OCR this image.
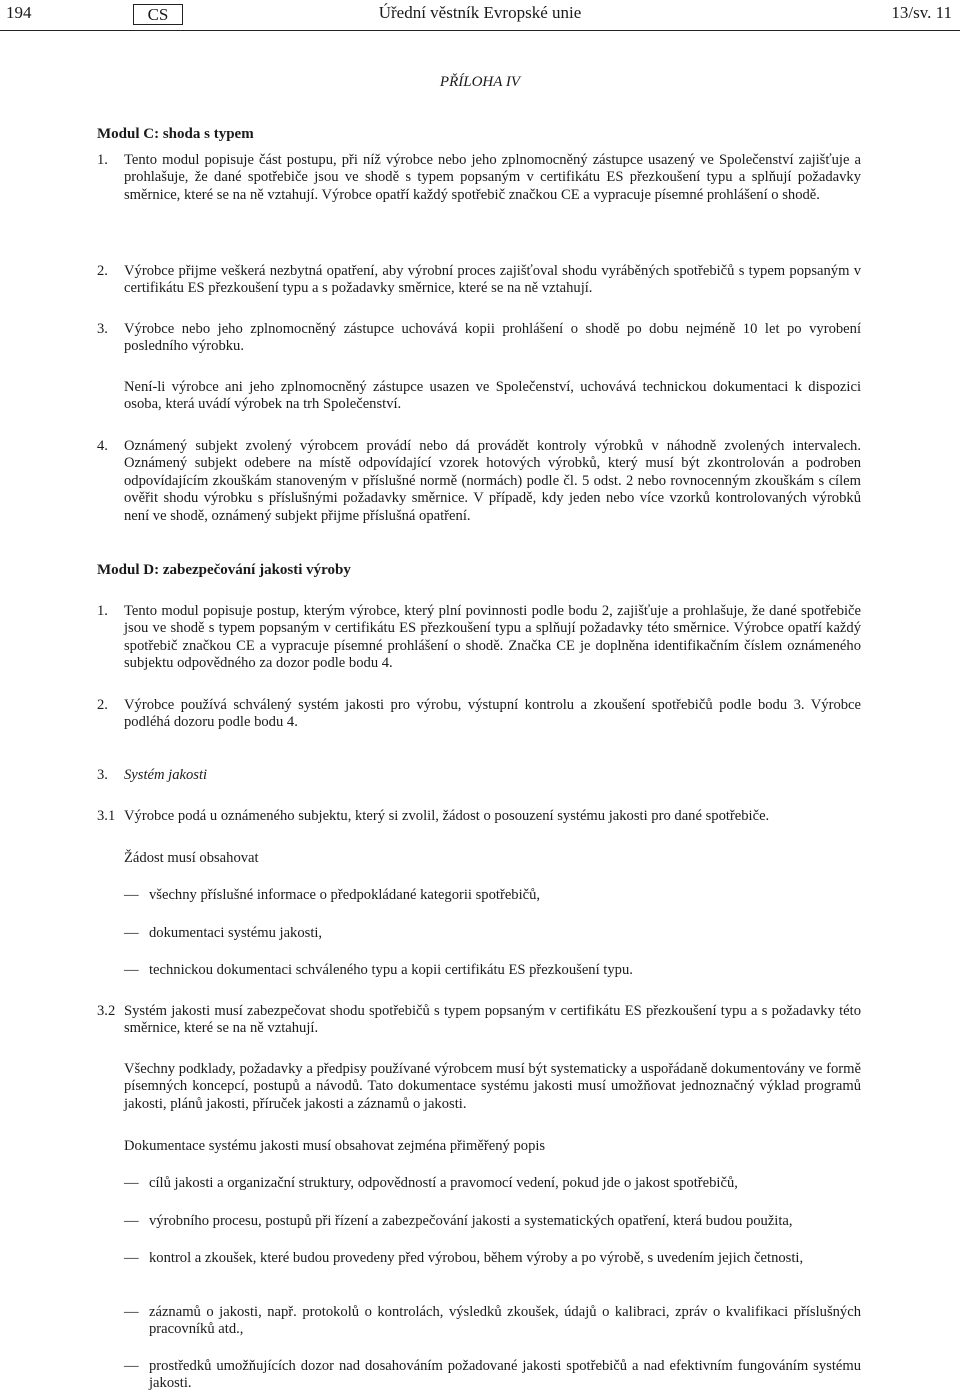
Úřední věstník Evropské unie
194	CS	13/sv. 11
PŘÍLOHA IV
Modul C: shoda s typem
1. Tento modul popisuje část postupu, při níž výrobce nebo jeho zplnomocněný zástupce usazený ve Společenství zajišťuje a prohlašuje, že dané spotřebiče jsou ve shodě s typem popsaným v certifikátu ES přezkoušení typu a splňují požadavky směrnice, které se na ně vztahují. Výrobce opatří každý spotřebič značkou CE a vypracuje písemné prohlášení o shodě.
2. Výrobce přijme veškerá nezbytná opatření, aby výrobní proces zajišťoval shodu vyráběných spotřebičů s typem popsaným v certifikátu ES přezkoušení typu a s požadavky směrnice, které se na ně vztahují.
3. Výrobce nebo jeho zplnomocněný zástupce uchovává kopii prohlášení o shodě po dobu nejméně 10 let po vyrobení posledního výrobku.
Není-li výrobce ani jeho zplnomocněný zástupce usazen ve Společenství, uchovává technickou dokumentaci k dispozici osoba, která uvádí výrobek na trh Společenství.
4. Oznámený subjekt zvolený výrobcem provádí nebo dá provádět kontroly výrobků v náhodně zvolených intervalech. Oznámený subjekt odebere na místě odpovídající vzorek hotových výrobků, který musí být zkontrolován a podroben odpovídajícím zkouškám stanoveným v příslušné normě (normách) podle čl. 5 odst. 2 nebo rovnocenným zkouškám s cílem ověřit shodu výrobku s příslušnými požadavky směrnice. V případě, kdy jeden nebo více vzorků kontrolovaných výrobků není ve shodě, oznámený subjekt přijme příslušná opatření.
Modul D: zabezpečování jakosti výroby
1. Tento modul popisuje postup, kterým výrobce, který plní povinnosti podle bodu 2, zajišťuje a prohlašuje, že dané spotřebiče jsou ve shodě s typem popsaným v certifikátu ES přezkoušení typu a splňují požadavky této směrnice. Výrobce opatří každý spotřebič značkou CE a vypracuje písemné prohlášení o shodě. Značka CE je doplněna identifikačním číslem oznámeného subjektu odpovědného za dozor podle bodu 4.
2. Výrobce používá schválený systém jakosti pro výrobu, výstupní kontrolu a zkoušení spotřebičů podle bodu 3. Výrobce podléhá dozoru podle bodu 4.
3. Systém jakosti
3.1 Výrobce podá u oznámeného subjektu, který si zvolil, žádost o posouzení systému jakosti pro dané spotřebiče.
Žádost musí obsahovat
— všechny příslušné informace o předpokládané kategorii spotřebičů,
— dokumentaci systému jakosti,
— technickou dokumentaci schváleného typu a kopii certifikátu ES přezkoušení typu.
3.2 Systém jakosti musí zabezpečovat shodu spotřebičů s typem popsaným v certifikátu ES přezkoušení typu a s požadavky této směrnice, které se na ně vztahují.
Všechny podklady, požadavky a předpisy používané výrobcem musí být systematicky a uspořádaně dokumentovány ve formě písemných koncepcí, postupů a návodů. Tato dokumentace systému jakosti musí umožňovat jednoznačný výklad programů jakosti, plánů jakosti, příruček jakosti a záznamů o jakosti.
Dokumentace systému jakosti musí obsahovat zejména přiměřený popis
— cílů jakosti a organizační struktury, odpovědností a pravomocí vedení, pokud jde o jakost spotřebičů,
— výrobního procesu, postupů při řízení a zabezpečování jakosti a systematických opatření, která budou použita,
— kontrol a zkoušek, které budou provedeny před výrobou, během výroby a po výrobě, s uvedením jejich četnosti,
— záznamů o jakosti, např. protokolů o kontrolách, výsledků zkoušek, údajů o kalibraci, zpráv o kvalifikaci příslušných pracovníků atd.,
— prostředků umožňujících dozor nad dosahováním požadované jakosti spotřebičů a nad efektivním fungováním systému jakosti.
